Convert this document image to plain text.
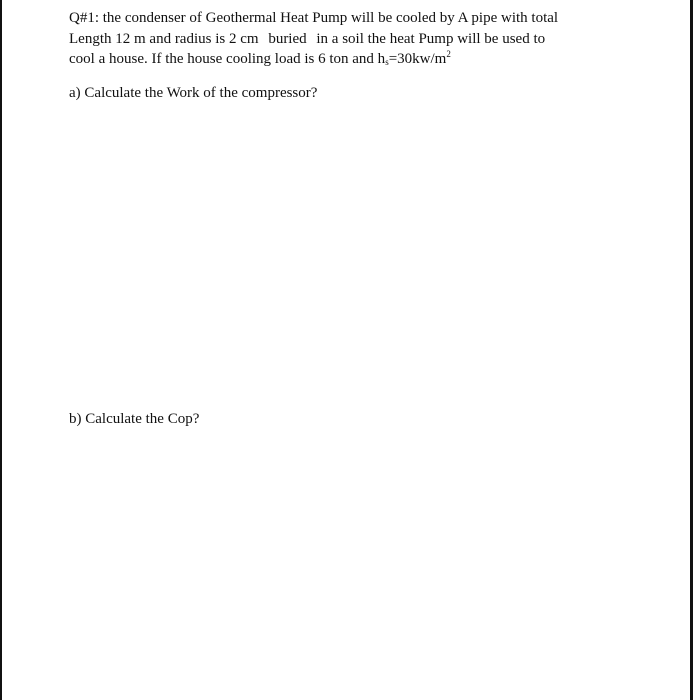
Q#1: the condenser of Geothermal Heat Pump will be cooled by A pipe with total
Length 12 m and radius is 2 cm buried in a soil the heat Pump will be used to
cool a house. If the house cooling load is 6 ton and $h_s=30kw/m^2$

a) Calculate the Work of the compressor?

b) Calculate the Cop?
